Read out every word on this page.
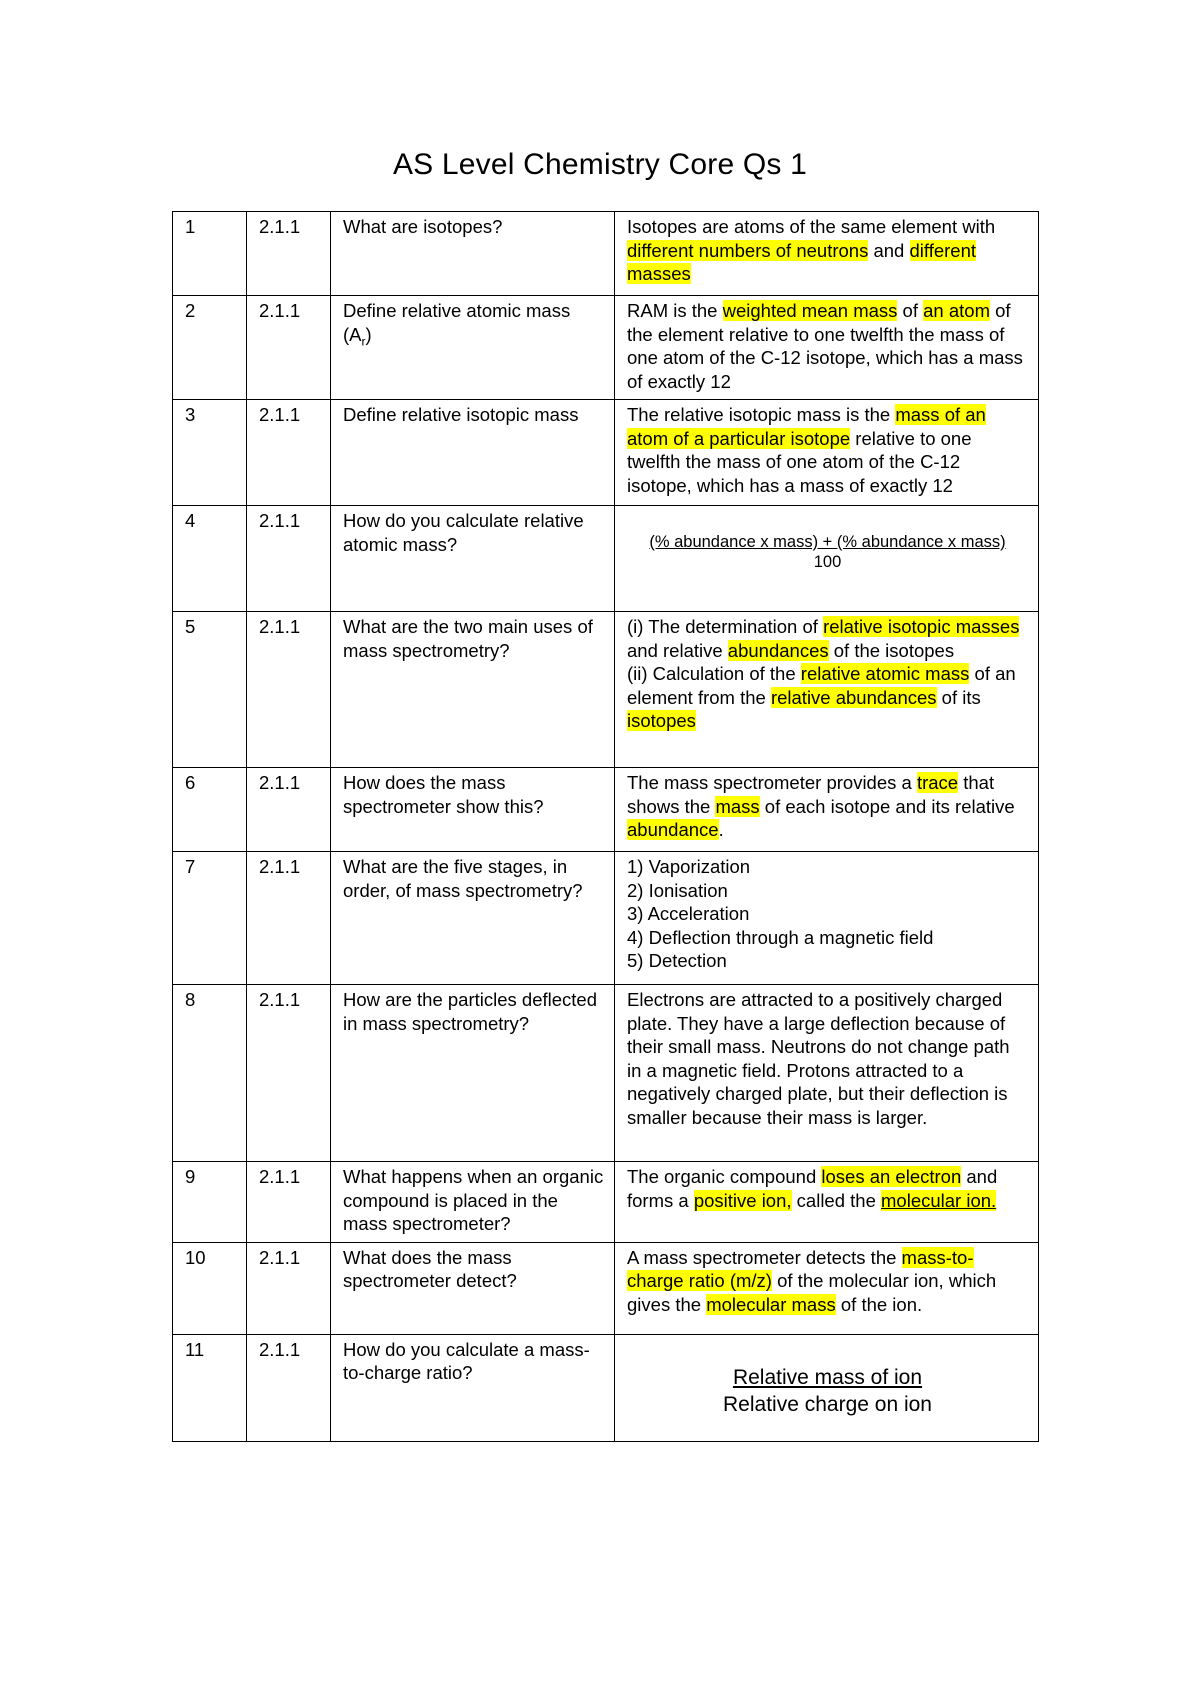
AS Level Chemistry Core Qs 1
1	2.1.1	What are isotopes?	Isotopes are atoms of the same element with different numbers of neutrons and different masses
2	2.1.1	Define relative atomic mass $(A_r)$	RAM is the weighted mean mass of an atom of the element relative to one twelfth the mass of one atom of the C-12 isotope, which has a mass of exactly 12
3	2.1.1	Define relative isotopic mass	The relative isotopic mass is the mass of an atom of a particular isotope relative to one twelfth the mass of one atom of the C-12 isotope, which has a mass of exactly 12
4	2.1.1	How do you calculate relative atomic mass?	(% abundance x mass) + (% abundance x mass)
100

5	2.1.1	What are the two main uses of mass spectrometry?	(i) The determination of relative isotopic masses and relative abundances of the isotopes
(ii) Calculation of the relative atomic mass of an element from the relative abundances of its isotopes
6	2.1.1	How does the mass spectrometer show this?	The mass spectrometer provides a trace that shows the mass of each isotope and its relative abundance.
7	2.1.1	What are the five stages, in order, of mass spectrometry?	1) Vaporization
2) Ionisation
3) Acceleration
4) Deflection through a magnetic field
5) Detection
8	2.1.1	How are the particles deflected in mass spectrometry?	Electrons are attracted to a positively charged plate. They have a large deflection because of their small mass. Neutrons do not change path in a magnetic field. Protons attracted to a negatively charged plate, but their deflection is smaller because their mass is larger.
9	2.1.1	What happens when an organic compound is placed in the mass spectrometer?	The organic compound loses an electron and forms a positive ion, called the molecular ion.
10	2.1.1	What does the mass spectrometer detect?	A mass spectrometer detects the mass-to-charge ratio (m/z) of the molecular ion, which gives the molecular mass of the ion.
11	2.1.1	How do you calculate a mass-to-charge ratio?	Relative mass of ion
Relative charge on ion
